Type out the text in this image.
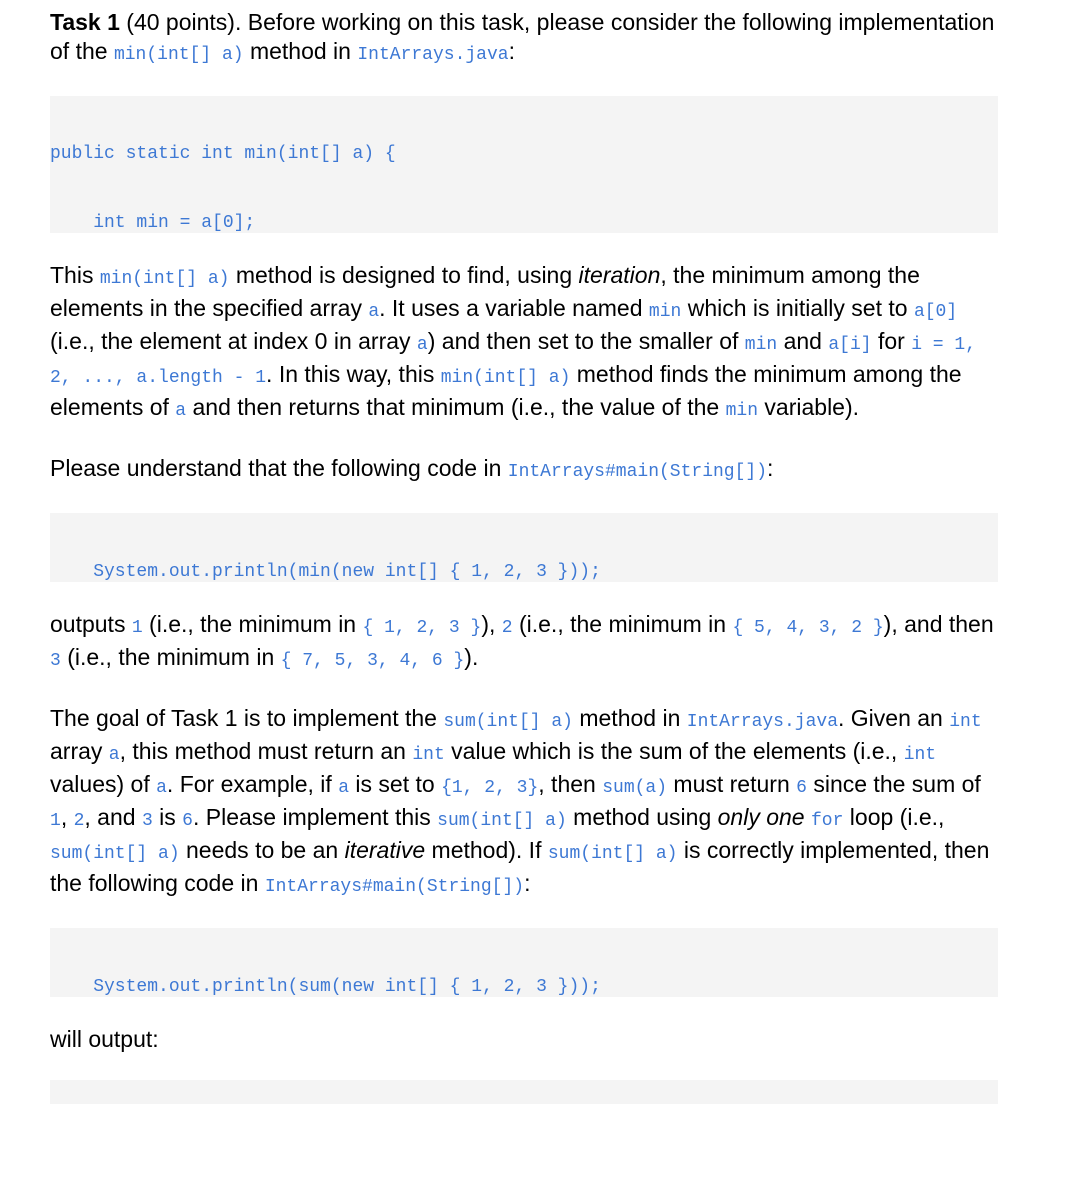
Task 1 (40 points). Before working on this task, please consider the following implementation of the min(int[] a) method in IntArrays.java:

public static int min(int[] a) {

int min = a[0];

This min(int[] a) method is designed to find, using iteration, the minimum among the elements in the specified array a. It uses a variable named min which is initially set to a[0] (i.e., the element at index 0 in array a) and then set to the smaller of min and a[i] for i = 1, 2, ..., a.length - 1. In this way, this min(int[] a) method finds the minimum among the elements of a and then returns that minimum (i.e., the value of the min variable).

Please understand that the following code in IntArrays#main(String[]):

System.out.println(min(new int[] { 1, 2, 3 }));

outputs 1 (i.e., the minimum in { 1, 2, 3 }), 2 (i.e., the minimum in { 5, 4, 3, 2 }), and then 3 (i.e., the minimum in { 7, 5, 3, 4, 6 }).

The goal of Task 1 is to implement the sum(int[] a) method in IntArrays.java. Given an int array a, this method must return an int value which is the sum of the elements (i.e., int values) of a. For example, if a is set to {1, 2, 3}, then sum(a) must return 6 since the sum of 1, 2, and 3 is 6. Please implement this sum(int[] a) method using only one for loop (i.e., sum(int[] a) needs to be an iterative method). If sum(int[] a) is correctly implemented, then the following code in IntArrays#main(String[]):

System.out.println(sum(new int[] { 1, 2, 3 }));

will output:
